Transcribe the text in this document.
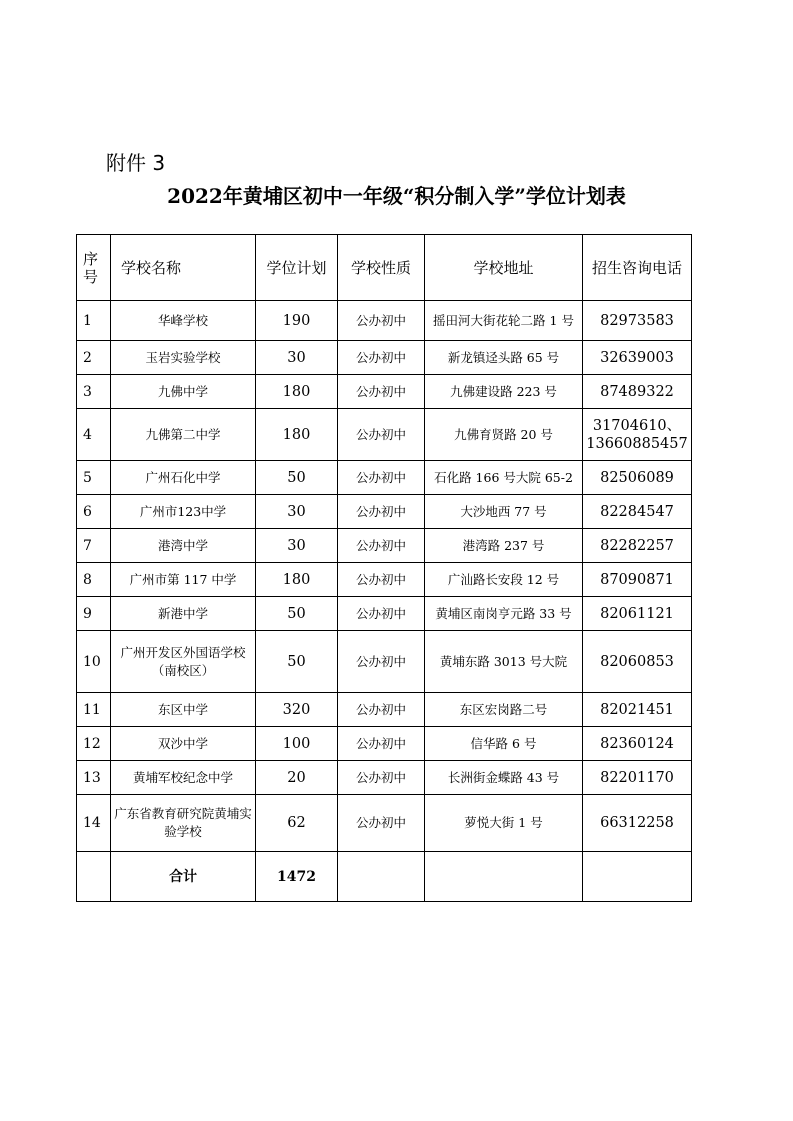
附件 3
2022年黄埔区初中一年级“积分制入学”学位计划表
序号	学校名称	学位计划	学校性质	学校地址	招生咨询电话
1	华峰学校	190	公办初中	摇田河大街花轮二路 1 号	82973583
2	玉岩实验学校	30	公办初中	新龙镇迳头路 65 号	32639003
3	九佛中学	180	公办初中	九佛建设路 223 号	87489322
4	九佛第二中学	180	公办初中	九佛育贤路 20 号	31704610、13660885457
5	广州石化中学	50	公办初中	石化路 166 号大院 65-2	82506089
6	广州市123中学	30	公办初中	大沙地西 77 号	82284547
7	港湾中学	30	公办初中	港湾路 237 号	82282257
8	广州市第 117 中学	180	公办初中	广汕路长安段 12 号	87090871
9	新港中学	50	公办初中	黄埔区南岗亨元路 33 号	82061121
10	广州开发区外国语学校（南校区）	50	公办初中	黄埔东路 3013 号大院	82060853
11	东区中学	320	公办初中	东区宏岗路二号	82021451
12	双沙中学	100	公办初中	信华路 6 号	82360124
13	黄埔军校纪念中学	20	公办初中	长洲街金蝶路 43 号	82201170
14	广东省教育研究院黄埔实验学校	62	公办初中	萝悦大街 1 号	66312258
	合计	1472			
